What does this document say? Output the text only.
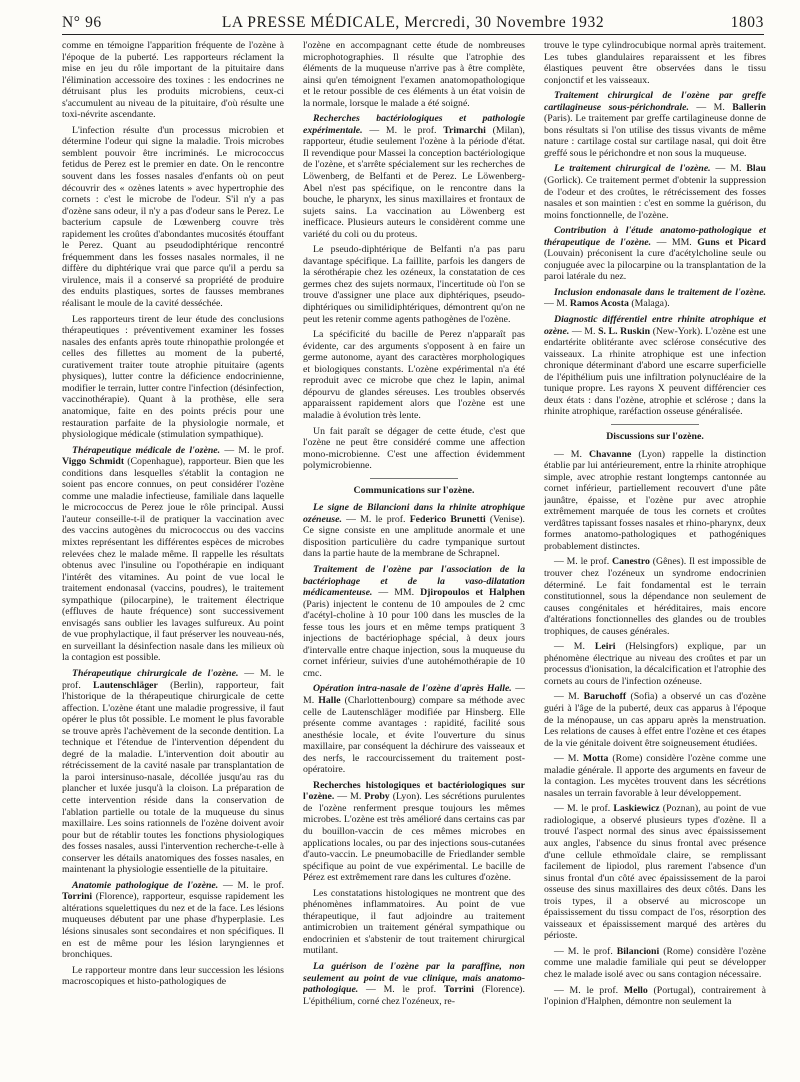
N° 96	LA PRESSE MÉDICALE, Mercredi, 30 Novembre 1932	1803

comme en témoigne l'apparition fréquente de l'ozène à l'époque de la puberté. Les rapporteurs réclament la mise en jeu du rôle important de la pituitaire dans l'élimination accessoire des toxines : les endocrines ne détruisant plus les produits microbiens, ceux-ci s'accumulent au niveau de la pituitaire, d'où résulte une toxi-névrite ascendante.

L'infection résulte d'un processus microbien et détermine l'odeur qui signe la maladie. Trois microbes semblent pouvoir être incriminés. Le micrococcus fetidus de Perez est le premier en date. On le rencontre souvent dans les fosses nasales d'enfants où on peut découvrir des « ozènes latents » avec hypertrophie des cornets : c'est le microbe de l'odeur. S'il n'y a pas d'ozène sans odeur, il n'y a pas d'odeur sans le Perez. Le bacterium capsule de Lœwenberg couvre très rapidement les croûtes d'abondantes mucosités étouffant le Perez. Quant au pseudodiphtérique rencontré fréquemment dans les fosses nasales normales, il ne diffère du diphtérique vrai que parce qu'il a perdu sa virulence, mais il a conservé sa propriété de produire des enduits plastiques, sortes de fausses membranes réalisant le moule de la cavité desséchée.

Les rapporteurs tirent de leur étude des conclusions thérapeutiques : préventivement examiner les fosses nasales des enfants après toute rhinopathie prolongée et celles des fillettes au moment de la puberté, curativement traiter toute atrophie pituitaire (agents physiques), lutter contre la déficience endocrinienne, modifier le terrain, lutter contre l'infection (désinfection, vaccinothérapie). Quant à la prothèse, elle sera anatomique, faite en des points précis pour une restauration parfaite de la physiologie normale, et physiologique médicale (stimulation sympathique).

Thérapeutique médicale de l'ozène. — M. le prof. Viggo Schmidt (Copenhague), rapporteur. Bien que les conditions dans lesquelles s'établit la contagion ne soient pas encore connues, on peut considérer l'ozène comme une maladie infectieuse, familiale dans laquelle le micrococcus de Perez joue le rôle principal. Aussi l'auteur conseille-t-il de pratiquer la vaccination avec des vaccins autogènes du micrococcus ou des vaccins mixtes représentant les différentes espèces de microbes relevées chez le malade même. Il rappelle les résultats obtenus avec l'insuline ou l'opothérapie en indiquant l'intérêt des vitamines. Au point de vue local le traitement endonasal (vaccins, poudres), le traitement sympathique (pilocarpine), le traitement électrique (effluves de haute fréquence) sont successivement envisagés sans oublier les lavages sulfureux. Au point de vue prophylactique, il faut préserver les nouveau-nés, en surveillant la désinfection nasale dans les milieux où la contagion est possible.

Thérapeutique chirurgicale de l'ozène. — M. le prof. Lautenschläger (Berlin), rapporteur, fait l'historique de la thérapeutique chirurgicale de cette affection. L'ozène étant une maladie progressive, il faut opérer le plus tôt possible. Le moment le plus favorable se trouve après l'achèvement de la seconde dentition. La technique et l'étendue de l'intervention dépendent du degré de la maladie. L'intervention doit aboutir au rétrécissement de la cavité nasale par transplantation de la paroi intersinuso-nasale, décollée jusqu'au ras du plancher et luxée jusqu'à la cloison. La préparation de cette intervention réside dans la conservation de l'ablation partielle ou totale de la muqueuse du sinus maxillaire. Les soins rationnels de l'ozène doivent avoir pour but de rétablir toutes les fonctions physiologiques des fosses nasales, aussi l'intervention recherche-t-elle à conserver les détails anatomiques des fosses nasales, en maintenant la physiologie essentielle de la pituitaire.

Anatomie pathologique de l'ozène. — M. le prof. Torrini (Florence), rapporteur, esquisse rapidement les altérations squelettiques du nez et de la face. Les lésions muqueuses débutent par une phase d'hyperplasie. Les lésions sinusales sont secondaires et non spécifiques. Il en est de même pour les lésion laryngiennes et bronchiques.

Le rapporteur montre dans leur succession les lésions macroscopiques et histo-pathologiques de

l'ozène en accompagnant cette étude de nombreuses microphotographies. Il résulte que l'atrophie des éléments de la muqueuse n'arrive pas à être complète, ainsi qu'en témoignent l'examen anatomopathologique et le retour possible de ces éléments à un état voisin de la normale, lorsque le malade a été soigné.

Recherches bactériologiques et pathologie expérimentale. — M. le prof. Trimarchi (Milan), rapporteur, étudie seulement l'ozène à la période d'état. Il revendique pour Massei la conception bactériologique de l'ozène, et s'arrête spécialement sur les recherches de Löwenberg, de Belfanti et de Perez. Le Löwenberg-Abel n'est pas spécifique, on le rencontre dans la bouche, le pharynx, les sinus maxillaires et frontaux de sujets sains. La vaccination au Löwenberg est inefficace. Plusieurs auteurs le considèrent comme une variété du coli ou du proteus.

Le pseudo-diphtérique de Belfanti n'a pas paru davantage spécifique. La faillite, parfois les dangers de la sérothérapie chez les ozéneux, la constatation de ces germes chez des sujets normaux, l'incertitude où l'on se trouve d'assigner une place aux diphtériques, pseudo-diphtériques ou similidiphtériques, démontrent qu'on ne peut les retenir comme agents pathogènes de l'ozène.

La spécificité du bacille de Perez n'apparaît pas évidente, car des arguments s'opposent à en faire un germe autonome, ayant des caractères morphologiques et biologiques constants. L'ozène expérimental n'a été reproduit avec ce microbe que chez le lapin, animal dépourvu de glandes séreuses. Les troubles observés apparaissent rapidement alors que l'ozène est une maladie à évolution très lente.

Un fait paraît se dégager de cette étude, c'est que l'ozène ne peut être considéré comme une affection mono-microbienne. C'est une affection évidemment polymicrobienne.

Communications sur l'ozène.

Le signe de Bilancioni dans la rhinite atrophique ozéneuse. — M. le prof. Federico Brunetti (Venise). Ce signe consiste en une amplitude anormale et une disposition particulière du cadre tympanique surtout dans la partie haute de la membrane de Schrapnel.

Traitement de l'ozène par l'association de la bactériophage et de la vaso-dilatation médicamenteuse. — MM. Djiropoulos et Halphen (Paris) injectent le contenu de 10 ampoules de 2 cmc d'acétyl-choline à 10 pour 100 dans les muscles de la fesse tous les jours et en même temps pratiquent 3 injections de bactériophage spécial, à deux jours d'intervalle entre chaque injection, sous la muqueuse du cornet inférieur, suivies d'une autohémothérapie de 10 cmc.

Opération intra-nasale de l'ozène d'après Halle. — M. Halle (Charlottenbourg) compare sa méthode avec celle de Lautenschläger modifiée par Hinsberg. Elle présente comme avantages : rapidité, facilité sous anesthésie locale, et évite l'ouverture du sinus maxillaire, par conséquent la déchirure des vaisseaux et des nerfs, le raccourcissement du traitement post-opératoire.

Recherches histologiques et bactériologiques sur l'ozène. — M. Proby (Lyon). Les sécrétions purulentes de l'ozène renferment presque toujours les mêmes microbes. L'ozène est très amélioré dans certains cas par du bouillon-vaccin de ces mêmes microbes en applications locales, ou par des injections sous-cutanées d'auto-vaccin. Le pneumobacille de Friedlander semble spécifique au point de vue expérimental. Le bacille de Pérez est extrêmement rare dans les cultures d'ozène.

Les constatations histologiques ne montrent que des phénomènes inflammatoires. Au point de vue thérapeutique, il faut adjoindre au traitement antimicrobien un traitement général sympathique ou endocrinien et s'abstenir de tout traitement chirurgical mutilant.

La guérison de l'ozène par la paraffine, non seulement au point de vue clinique, mais anatomo-pathologique. — M. le prof. Torrini (Florence). L'épithélium, corné chez l'ozéneux, re-

trouve le type cylindrocubique normal après traitement. Les tubes glandulaires reparaissent et les fibres élastiques peuvent être observées dans le tissu conjonctif et les vaisseaux.

Traitement chirurgical de l'ozène par greffe cartilagineuse sous-périchondrale. — M. Ballerin (Paris). Le traitement par greffe cartilagineuse donne de bons résultats si l'on utilise des tissus vivants de même nature : cartilage costal sur cartilage nasal, qui doit être greffé sous le périchondre et non sous la muqueuse.

Le traitement chirurgical de l'ozène. — M. Blau (Gorlick). Ce traitement permet d'obtenir la suppression de l'odeur et des croûtes, le rétrécissement des fosses nasales et son maintien : c'est en somme la guérison, du moins fonctionnelle, de l'ozène.

Contribution à l'étude anatomo-pathologique et thérapeutique de l'ozène. — MM. Guns et Picard (Louvain) préconisent la cure d'acétylcholine seule ou conjuguée avec la pilocarpine ou la transplantation de la paroi latérale du nez.

Inclusion endonasale dans le traitement de l'ozène. — M. Ramos Acosta (Malaga).

Diagnostic différentiel entre rhinite atrophique et ozène. — M. S. L. Ruskin (New-York). L'ozène est une endartérite oblitérante avec sclérose consécutive des vaisseaux. La rhinite atrophique est une infection chronique déterminant d'abord une escarre superficielle de l'épithélium puis une infiltration polynucléaire de la tunique propre. Les rayons X peuvent différencier ces deux états : dans l'ozène, atrophie et sclérose ; dans la rhinite atrophique, raréfaction osseuse généralisée.

Discussions sur l'ozène.

— M. Chavanne (Lyon) rappelle la distinction établie par lui antérieurement, entre la rhinite atrophique simple, avec atrophie restant longtemps cantonnée au cornet inférieur, partiellement recouvert d'une pâte jaunâtre, épaisse, et l'ozène pur avec atrophie extrêmement marquée de tous les cornets et croûtes verdâtres tapissant fosses nasales et rhino-pharynx, deux formes anatomo-pathologiques et pathogéniques probablement distinctes.

— M. le prof. Canestro (Gênes). Il est impossible de trouver chez l'ozéneux un syndrome endocrinien déterminé. Le fait fondamental est le terrain constitutionnel, sous la dépendance non seulement de causes congénitales et héréditaires, mais encore d'altérations fonctionnelles des glandes ou de troubles trophiques, de causes générales.

— M. Leiri (Helsingfors) explique, par un phénomène électrique au niveau des croûtes et par un processus d'ionisation, la décalcification et l'atrophie des cornets au cours de l'infection ozéneuse.

— M. Baruchoff (Sofia) a observé un cas d'ozène guéri à l'âge de la puberté, deux cas apparus à l'époque de la ménopause, un cas apparu après la menstruation. Les relations de causes à effet entre l'ozène et ces étapes de la vie génitale doivent être soigneusement étudiées.

— M. Motta (Rome) considère l'ozène comme une maladie générale. Il apporte des arguments en faveur de la contagion. Les mycètes trouvent dans les sécrétions nasales un terrain favorable à leur développement.

— M. le prof. Laskiewicz (Poznan), au point de vue radiologique, a observé plusieurs types d'ozène. Il a trouvé l'aspect normal des sinus avec épaississement aux angles, l'absence du sinus frontal avec présence d'une cellule ethmoïdale claire, se remplissant facilement de lipiodol, plus rarement l'absence d'un sinus frontal d'un côté avec épaississement de la paroi osseuse des sinus maxillaires des deux côtés. Dans les trois types, il a observé au microscope un épaississement du tissu compact de l'os, résorption des vaisseaux et épaississement marqué des artères du périoste.

— M. le prof. Bilancioni (Rome) considère l'ozène comme une maladie familiale qui peut se développer chez le malade isolé avec ou sans contagion nécessaire.

— M. le prof. Mello (Portugal), contrairement à l'opinion d'Halphen, démontre non seulement la
